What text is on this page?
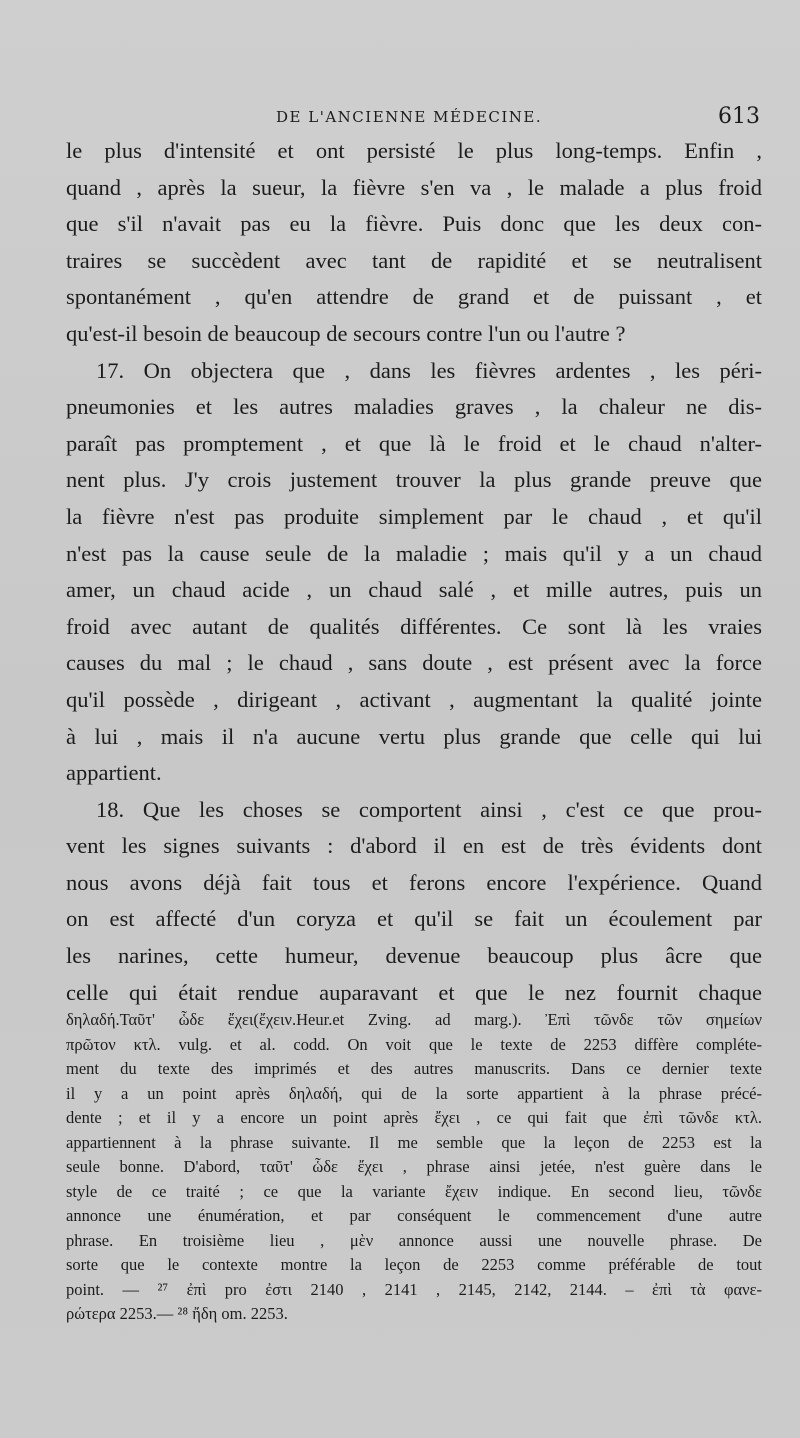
DE L'ANCIENNE MÉDECINE.	613
le plus d'intensité et ont persisté le plus long-temps. Enfin ,
quand , après la sueur, la fièvre s'en va , le malade a plus froid
que s'il n'avait pas eu la fièvre. Puis donc que les deux con-
traires se succèdent avec tant de rapidité et se neutralisent
spontanément , qu'en attendre de grand et de puissant , et
qu'est-il besoin de beaucoup de secours contre l'un ou l'autre ?
17. On objectera que , dans les fièvres ardentes , les péri-
pneumonies et les autres maladies graves , la chaleur ne dis-
paraît pas promptement , et que là le froid et le chaud n'alter-
nent plus. J'y crois justement trouver la plus grande preuve que
la fièvre n'est pas produite simplement par le chaud , et qu'il
n'est pas la cause seule de la maladie ; mais qu'il y a un chaud
amer, un chaud acide , un chaud salé , et mille autres, puis un
froid avec autant de qualités différentes. Ce sont là les vraies
causes du mal ; le chaud , sans doute , est présent avec la force
qu'il possède , dirigeant , activant , augmentant la qualité jointe
à lui , mais il n'a aucune vertu plus grande que celle qui lui
appartient.
18. Que les choses se comportent ainsi , c'est ce que prou-
vent les signes suivants : d'abord il en est de très évidents dont
nous avons déjà fait tous et ferons encore l'expérience. Quand
on est affecté d'un coryza et qu'il se fait un écoulement par
les narines, cette humeur, devenue beaucoup plus âcre que
celle qui était rendue auparavant et que le nez fournit chaque
δηλαδή.Ταῦτ' ὧδε ἔχει(ἔχειν.Heur.et Zving. ad marg.). Ἐπὶ τῶνδε τῶν σημείων
πρῶτον κτλ. vulg. et al. codd. On voit que le texte de 2253 diffère compléte-
ment du texte des imprimés et des autres manuscrits. Dans ce dernier texte
il y a un point après δηλαδή, qui de la sorte appartient à la phrase précé-
dente ; et il y a encore un point après ἔχει , ce qui fait que ἐπὶ τῶνδε κτλ.
appartiennent à la phrase suivante. Il me semble que la leçon de 2253 est la
seule bonne. D'abord, ταῦτ' ὧδε ἔχει , phrase ainsi jetée, n'est guère dans le
style de ce traité ; ce que la variante ἔχειν indique. En second lieu, τῶνδε
annonce une énumération, et par conséquent le commencement d'une autre
phrase. En troisième lieu , μὲν annonce aussi une nouvelle phrase. De
sorte que le contexte montre la leçon de 2253 comme préférable de tout
point. — ²⁷ ἐπὶ pro ἐστι 2140 , 2141 , 2145, 2142, 2144. – ἐπὶ τὰ φανε-
ρώτερα 2253.— ²⁸ ἤδη om. 2253.
